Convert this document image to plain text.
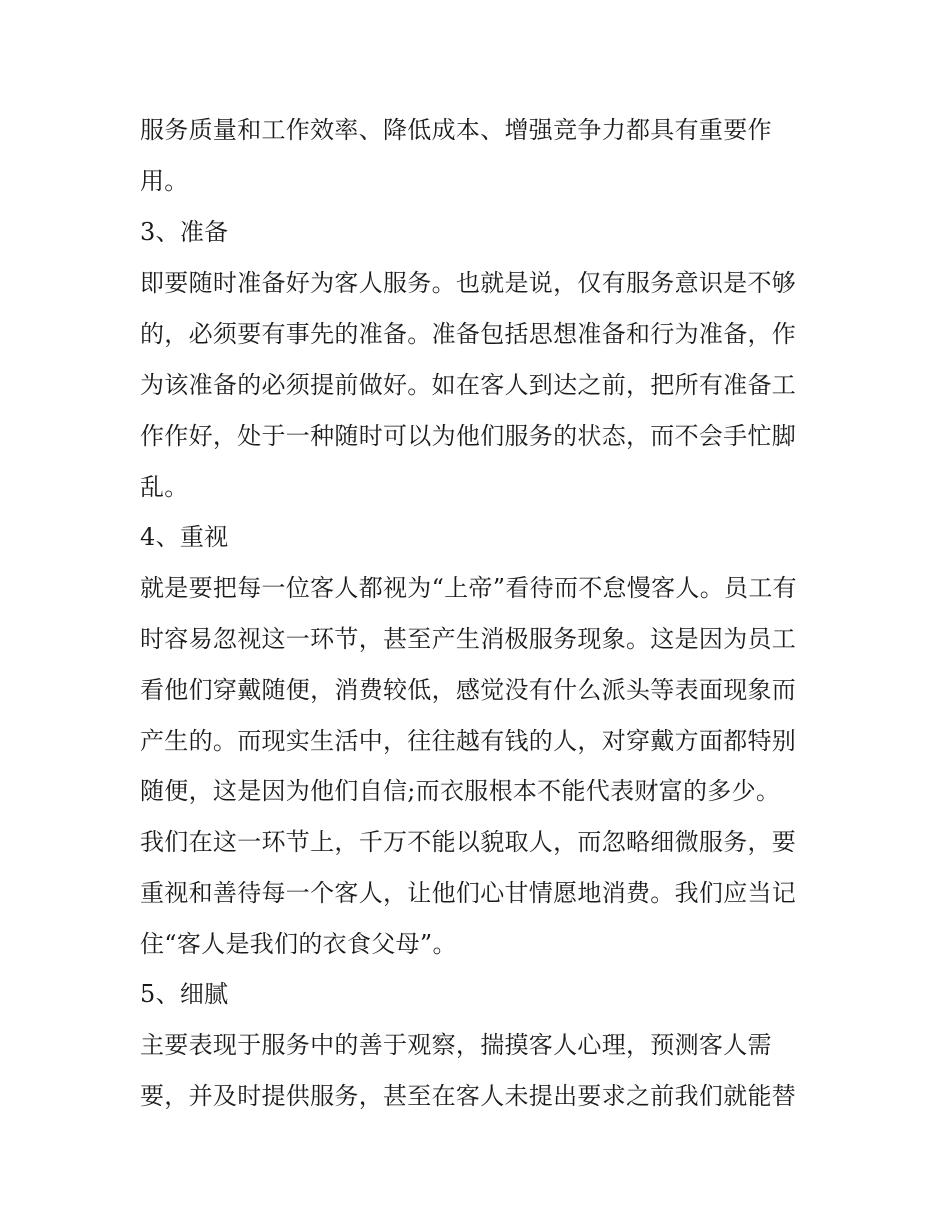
服务质量和工作效率、降低成本、增强竞争力都具有重要作
用。
3、准备
即要随时准备好为客人服务。也就是说，仅有服务意识是不够
的，必须要有事先的准备。准备包括思想准备和行为准备，作
为该准备的必须提前做好。如在客人到达之前，把所有准备工
作作好，处于一种随时可以为他们服务的状态，而不会手忙脚
乱。
4、重视
就是要把每一位客人都视为“上帝”看待而不怠慢客人。员工有
时容易忽视这一环节，甚至产生消极服务现象。这是因为员工
看他们穿戴随便，消费较低，感觉没有什么派头等表面现象而
产生的。而现实生活中，往往越有钱的人，对穿戴方面都特别
随便，这是因为他们自信;而衣服根本不能代表财富的多少。
我们在这一环节上，千万不能以貌取人，而忽略细微服务，要
重视和善待每一个客人，让他们心甘情愿地消费。我们应当记
住“客人是我们的衣食父母”。
5、细腻
主要表现于服务中的善于观察，揣摸客人心理，预测客人需
要，并及时提供服务，甚至在客人未提出要求之前我们就能替
